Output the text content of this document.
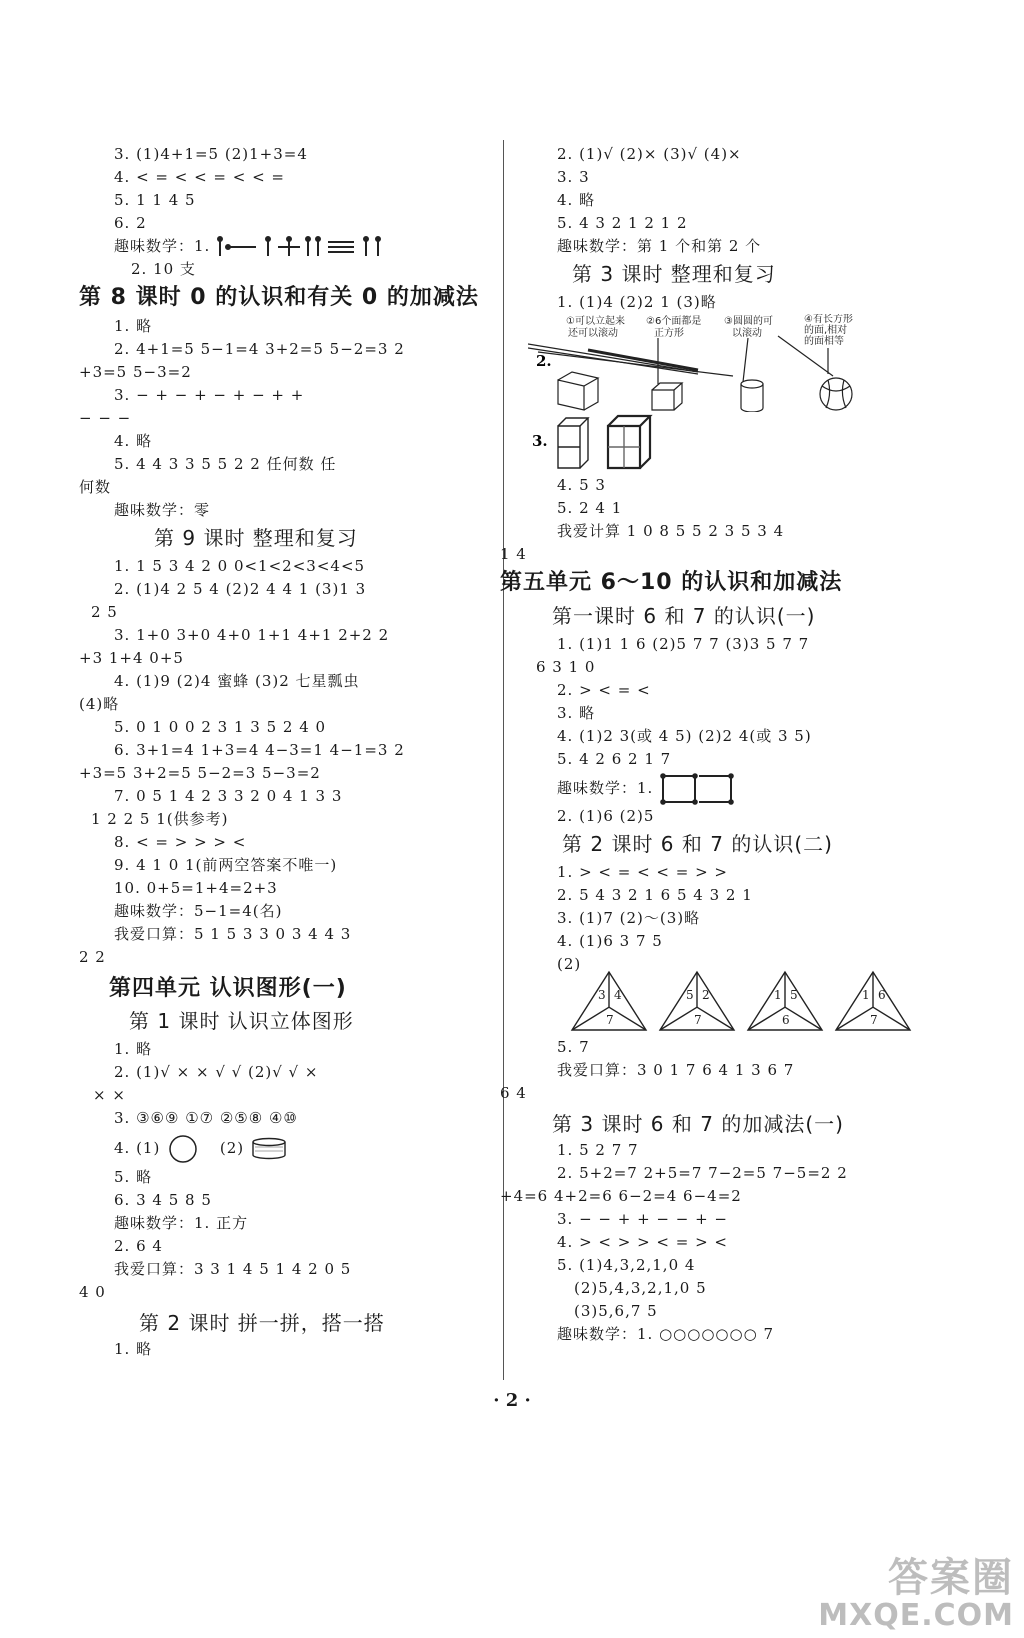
3. (1)4+1=5 (2)1+3=4
4. < = < < = < < =
5. 1 1 4 5
6. 2
趣味数学：1.
2. 10 支
第 8 课时 0 的认识和有关 0 的加减法
1. 略
2. 4+1=5 5−1=4 3+2=5 5−2=3 2
+3=5 5−3=2
3. − + − + − + − + +
− − −
4. 略
5. 4 4 3 3 5 5 2 2 任何数 任
何数
趣味数学：零
第 9 课时 整理和复习
1. 1 5 3 4 2 0 0<1<2<3<4<5
2. (1)4 2 5 4 (2)2 4 4 1 (3)1 3
2 5
3. 1+0 3+0 4+0 1+1 4+1 2+2 2
+3 1+4 0+5
4. (1)9 (2)4 蜜蜂 (3)2 七星瓢虫
(4)略
5. 0 1 0 0 2 3 1 3 5 2 4 0
6. 3+1=4 1+3=4 4−3=1 4−1=3 2
+3=5 3+2=5 5−2=3 5−3=2
7. 0 5 1 4 2 3 3 2 0 4 1 3 3
1 2 2 5 1(供参考)
8. < = > > > <
9. 4 1 0 1(前两空答案不唯一)
10. 0+5=1+4=2+3
趣味数学：5−1=4(名)
我爱口算：5 1 5 3 3 0 3 4 4 3
2 2
第四单元 认识图形(一)
第 1 课时 认识立体图形
1. 略
2. (1)√ × × √ √ (2)√ √ ×
× ×
3. ③⑥⑨ ①⑦ ②⑤⑧ ④⑩
4. (1)	(2)
5. 略
6. 3 4 5 8 5
趣味数学：1. 正方
2. 6 4
我爱口算：3 3 1 4 5 1 4 2 0 5
4 0
第 2 课时 拼一拼，搭一搭
1. 略
2. (1)√ (2)× (3)√ (4)×
3. 3
4. 略
5. 4 3 2 1 2 1 2
趣味数学：第 1 个和第 2 个
第 3 课时 整理和复习
1. (1)4 (2)2 1 (3)略
①可以立起来
还可以滚动
②6个面都是
正方形
③圆圆的可
以滚动
④有长方形
的面,相对
的面相等
2.
3.
4. 5 3
5. 2 4 1
我爱计算 1 0 8 5 5 2 3 5 3 4
1 4
第五单元 6～10 的认识和加减法
第一课时 6 和 7 的认识(一)
1. (1)1 1 6 (2)5 7 7 (3)3 5 7 7
6 3 1 0
2. > < = <
3. 略
4. (1)2 3(或 4 5) (2)2 4(或 3 5)
5. 4 2 6 2 1 7
趣味数学：1.
2. (1)6 (2)5
第 2 课时 6 和 7 的认识(二)
1. > < = < < = > >
2. 5 4 3 2 1 6 5 4 3 2 1
3. (1)7 (2)～(3)略
4. (1)6 3 7 5
(2)
3 4
7
5 2
7
1 5
6
1 6
7
5. 7
我爱口算：3 0 1 7 6 4 1 3 6 7
6 4
第 3 课时 6 和 7 的加减法(一)
1. 5 2 7 7
2. 5+2=7 2+5=7 7−2=5 7−5=2 2
+4=6 4+2=6 6−2=4 6−4=2
3. − − + + − − + −
4. > < > > < = > <
5. (1)4,3,2,1,0 4
(2)5,4,3,2,1,0 5
(3)5,6,7 5
趣味数学：1. ○○○○○○○ 7
· 2 ·
答案圈
MXQE.COM
